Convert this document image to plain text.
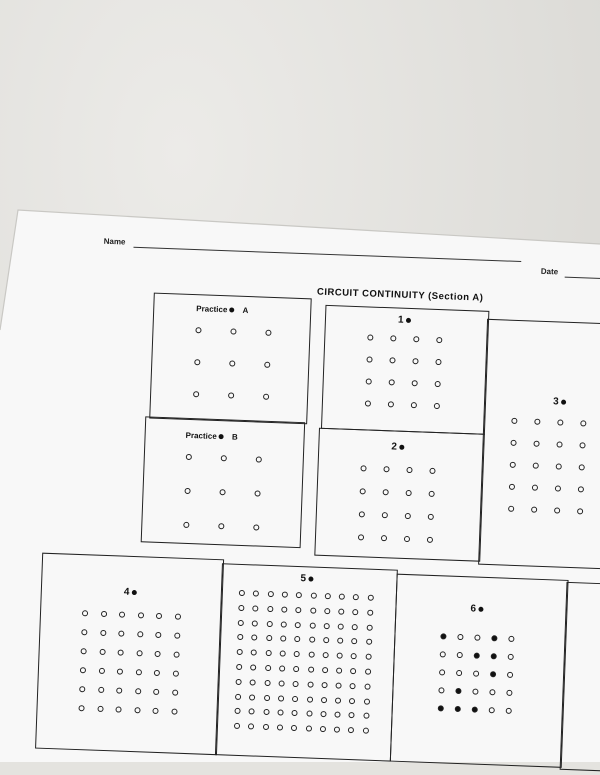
Name
Date
CIRCUIT CONTINUITY (Section A)
Practice A
Practice B
1
2
3
4
5
6
